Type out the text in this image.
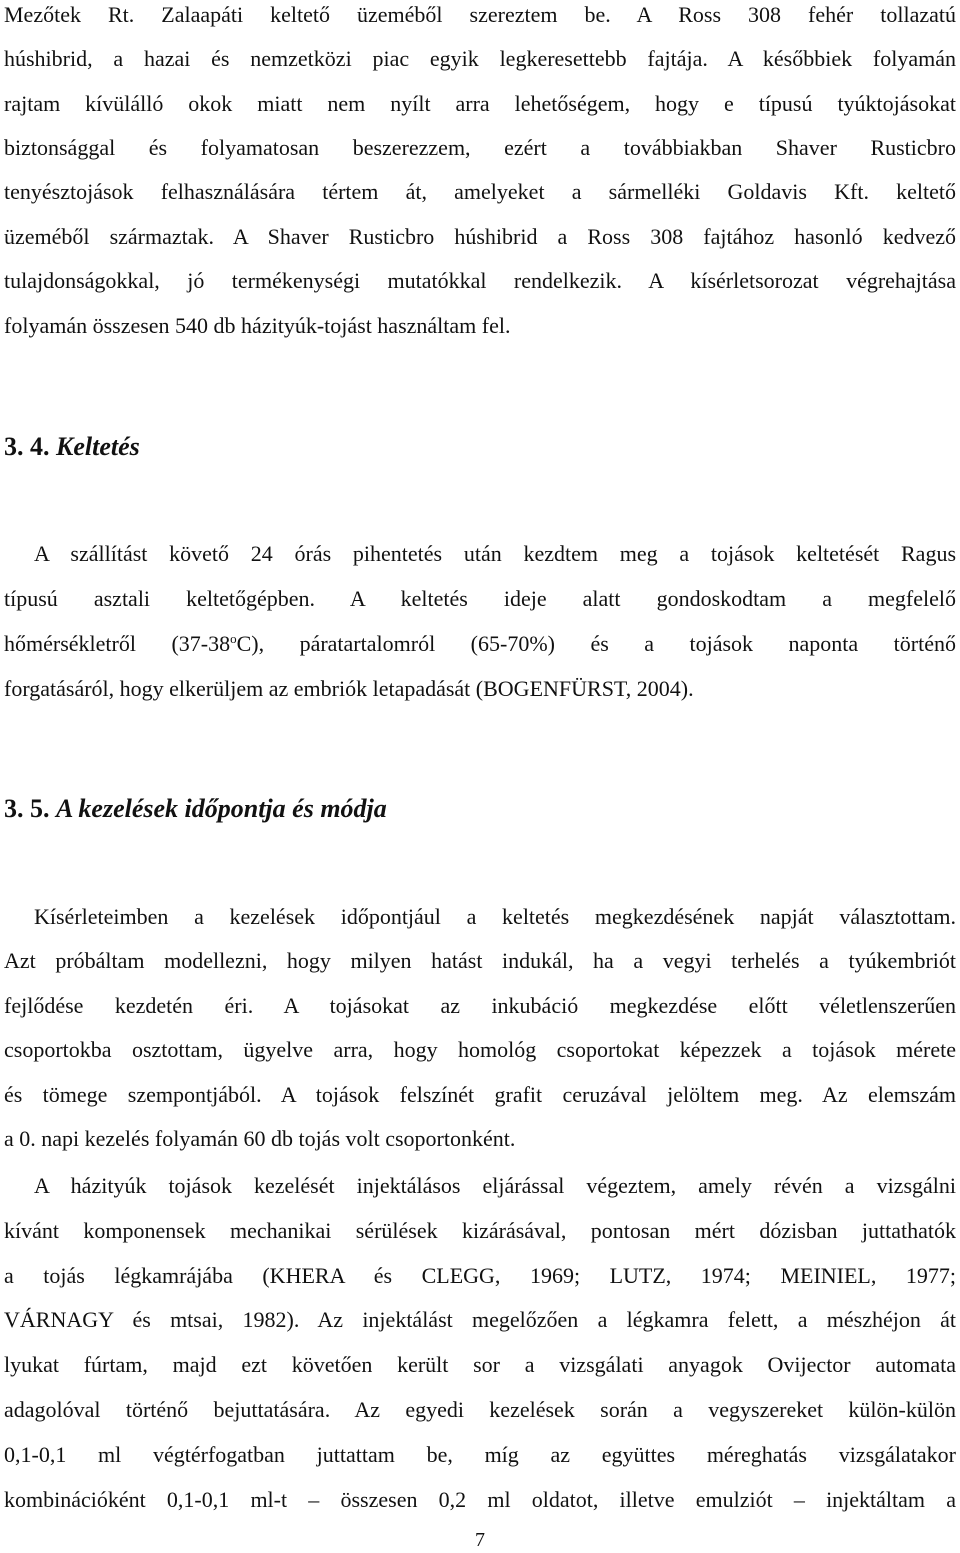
Mezőtek Rt. Zalaapáti keltető üzeméből szereztem be. A Ross 308 fehér tollazatú
húshibrid, a hazai és nemzetközi piac egyik legkeresettebb fajtája. A későbbiek folyamán
rajtam kívülálló okok miatt nem nyílt arra lehetőségem, hogy e típusú tyúktojásokat
biztonsággal és folyamatosan beszerezzem, ezért a továbbiakban Shaver Rusticbro
tenyésztojások felhasználására tértem át, amelyeket a sármelléki Goldavis Kft. keltető
üzeméből származtak. A Shaver Rusticbro húshibrid a Ross 308 fajtához hasonló kedvező
tulajdonságokkal, jó termékenységi mutatókkal rendelkezik. A kísérletsorozat végrehajtása
folyamán összesen 540 db házityúk-tojást használtam fel.
3. 4. Keltetés
A szállítást követő 24 órás pihentetés után kezdtem meg a tojások keltetését Ragus
típusú asztali keltetőgépben. A keltetés ideje alatt gondoskodtam a megfelelő
hőmérsékletről (37-38$^o$C), páratartalomról (65-70%) és a tojások naponta történő
forgatásáról, hogy elkerüljem az embriók letapadását (BOGENFÜRST, 2004).
3. 5. A kezelések időpontja és módja
Kísérleteimben a kezelések időpontjául a keltetés megkezdésének napját választottam.
Azt próbáltam modellezni, hogy milyen hatást indukál, ha a vegyi terhelés a tyúkembriót
fejlődése kezdetén éri. A tojásokat az inkubáció megkezdése előtt véletlenszerűen
csoportokba osztottam, ügyelve arra, hogy homológ csoportokat képezzek a tojások mérete
és tömege szempontjából. A tojások felszínét grafit ceruzával jelöltem meg. Az elemszám
a 0. napi kezelés folyamán 60 db tojás volt csoportonként.
A házityúk tojások kezelését injektálásos eljárással végeztem, amely révén a vizsgálni
kívánt komponensek mechanikai sérülések kizárásával, pontosan mért dózisban juttathatók
a tojás légkamrájába (KHERA és CLEGG, 1969; LUTZ, 1974; MEINIEL, 1977;
VÁRNAGY és mtsai, 1982). Az injektálást megelőzően a légkamra felett, a mészhéjon át
lyukat fúrtam, majd ezt követően került sor a vizsgálati anyagok Ovijector automata
adagolóval történő bejuttatására. Az egyedi kezelések során a vegyszereket külön-külön
0,1-0,1 ml végtérfogatban juttattam be, míg az együttes méreghatás vizsgálatakor
kombinációként 0,1-0,1 ml-t – összesen 0,2 ml oldatot, illetve emulziót – injektáltam a
7
